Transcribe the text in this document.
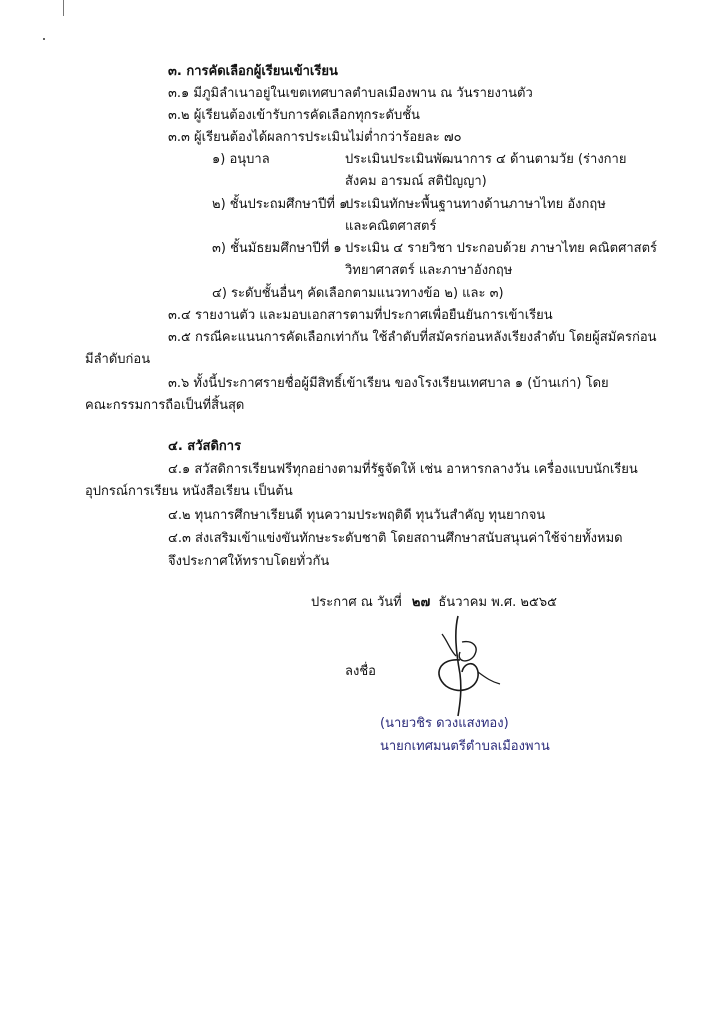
๓. การคัดเลือกผู้เรียนเข้าเรียน
๓.๑ มีภูมิลำเนาอยู่ในเขตเทศบาลตำบลเมืองพาน ณ วันรายงานตัว
๓.๒ ผู้เรียนต้องเข้ารับการคัดเลือกทุกระดับชั้น
๓.๓ ผู้เรียนต้องได้ผลการประเมินไม่ต่ำกว่าร้อยละ ๗๐
๑) อนุบาล	ประเมินประเมินพัฒนาการ ๔ ด้านตามวัย (ร่างกาย
สังคม อารมณ์ สติปัญญา)
๒) ชั้นประถมศึกษาปีที่ ๑
ประเมินทักษะพื้นฐานทางด้านภาษาไทย อังกฤษ
และคณิตศาสตร์
๓) ชั้นมัธยมศึกษาปีที่ ๑ ประเมิน ๔ รายวิชา ประกอบด้วย ภาษาไทย คณิตศาสตร์
วิทยาศาสตร์ และภาษาอังกฤษ
๔) ระดับชั้นอื่นๆ คัดเลือกตามแนวทางข้อ ๒) และ ๓)
๓.๔ รายงานตัว และมอบเอกสารตามที่ประกาศเพื่อยืนยันการเข้าเรียน
๓.๕ กรณีคะแนนการคัดเลือกเท่ากัน ใช้ลำดับที่สมัครก่อนหลังเรียงลำดับ โดยผู้สมัครก่อน
มีลำดับก่อน
๓.๖ ทั้งนี้ประกาศรายชื่อผู้มีสิทธิ์เข้าเรียน ของโรงเรียนเทศบาล ๑ (บ้านเก่า) โดย
คณะกรรมการถือเป็นที่สิ้นสุด
๔. สวัสดิการ
๔.๑ สวัสดิการเรียนฟรีทุกอย่างตามที่รัฐจัดให้ เช่น อาหารกลางวัน เครื่องแบบนักเรียน
อุปกรณ์การเรียน หนังสือเรียน เป็นต้น
๔.๒ ทุนการศึกษาเรียนดี ทุนความประพฤติดี ทุนวันสำคัญ ทุนยากจน
๔.๓ ส่งเสริมเข้าแข่งขันทักษะระดับชาติ โดยสถานศึกษาสนับสนุนค่าใช้จ่ายทั้งหมด
จึงประกาศให้ทราบโดยทั่วกัน
ประกาศ ณ วันที่ ๒๗ ธันวาคม พ.ศ. ๒๕๖๕
ลงชื่อ
(นายวชิร ดวงแสงทอง)
นายกเทศมนตรีตำบลเมืองพาน
